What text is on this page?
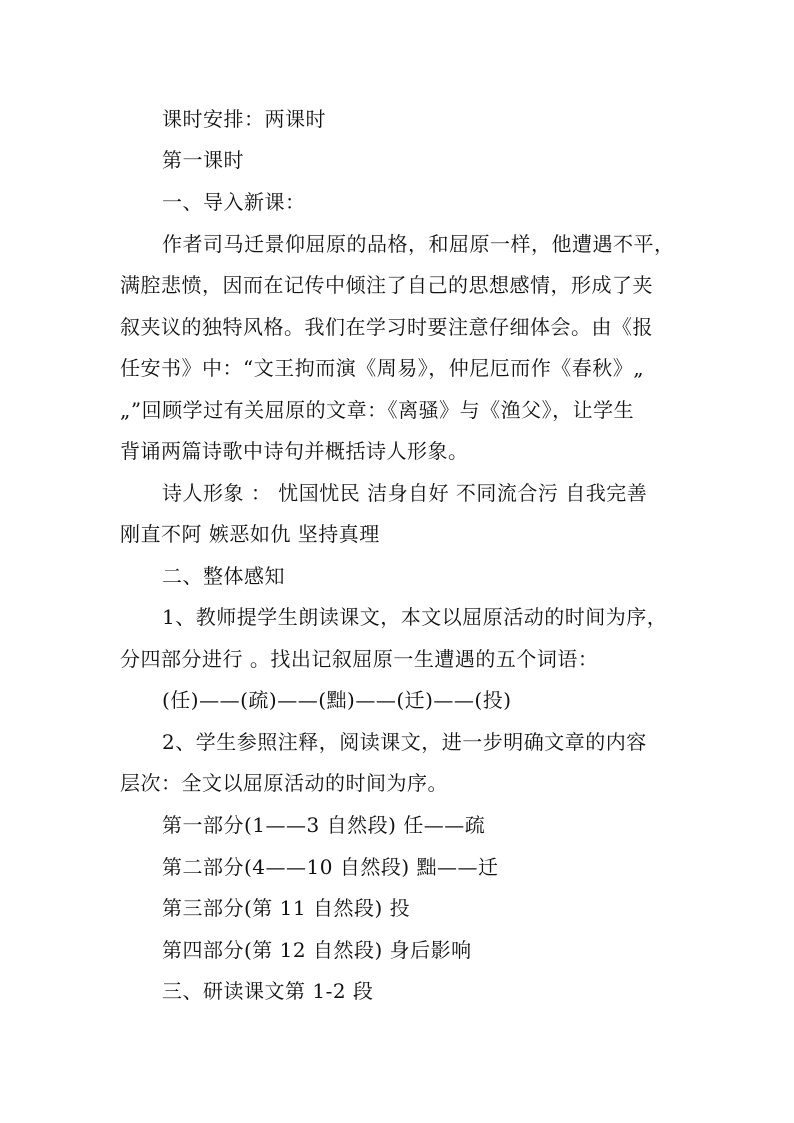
课时安排：两课时
第一课时
一、导入新课：
作者司马迁景仰屈原的品格，和屈原一样，他遭遇不平，
满腔悲愤，因而在记传中倾注了自己的思想感情，形成了夹
叙夹议的独特风格。我们在学习时要注意仔细体会。由《报
任安书》中：“文王拘而演《周易》，仲尼厄而作《春秋》„
„”回顾学过有关屈原的文章：《离骚》与《渔父》，让学生
背诵两篇诗歌中诗句并概括诗人形象。
诗人形象 ： 忧国忧民 洁身自好 不同流合污 自我完善
刚直不阿 嫉恶如仇 坚持真理
二、整体感知
1、教师提学生朗读课文，本文以屈原活动的时间为序，
分四部分进行 。找出记叙屈原一生遭遇的五个词语：
(任)——(疏)——(黜)——(迁)——(投)
2、学生参照注释，阅读课文，进一步明确文章的内容
层次：全文以屈原活动的时间为序。
第一部分(1——3 自然段) 任——疏
第二部分(4——10 自然段) 黜——迁
第三部分(第 11 自然段) 投
第四部分(第 12 自然段) 身后影响
三、研读课文第 1-2 段
